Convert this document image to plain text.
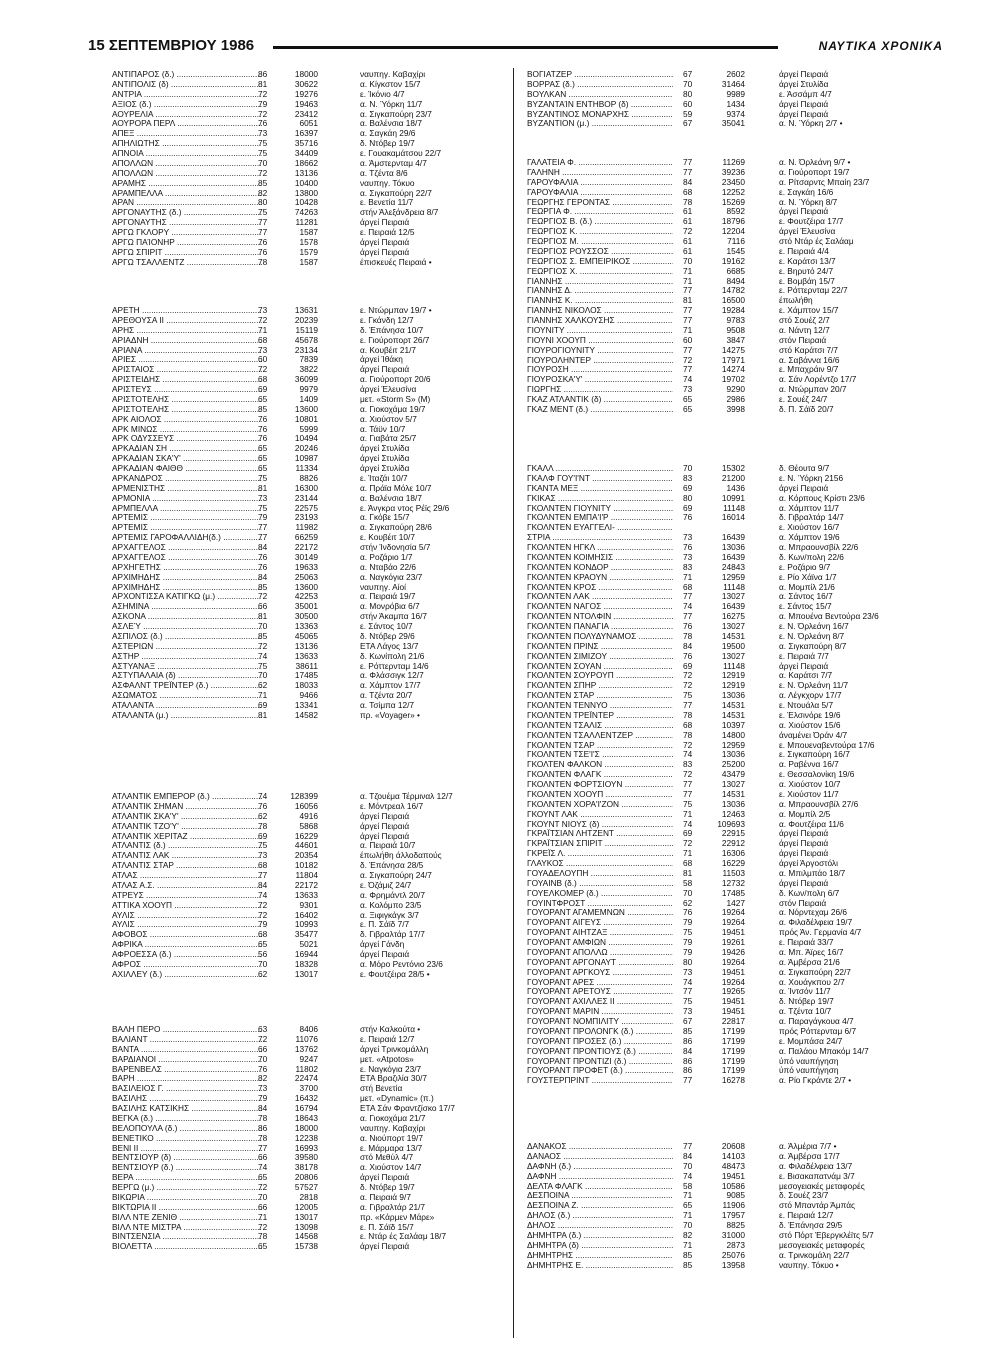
15 ΣΕΠΤΕΜΒΡΙΟΥ 1986	ΝΑΥΤΙΚΑ ΧΡΟΝΙΚΑ
ΑΝΤΙΠΑΡΟΣ (δ.) .....	86	18000	ναυπηγ. Καβαχίρι
ΑΝΤΙΠΟΛΙΣ (δ) .....	81	30622	α. Κίγκστον 15/7
ΑΝΤΡΙΑ .....	72	19276	ε. Ίκόνιο 4/7
ΑΞΙΟΣ (δ.) .....	79	19463	α. Ν. Ύόρκη 11/7
ΑΟΥΡΕΛΙΑ .....	72	23412	α. Σιγκαπούρη 23/7
ΑΟΥΡΟΡΑ ΠΕΡΛ .....	76	6051	α. Βαλένσια 18/7
ΑΠΕΞ .....	73	16397	α. Σαγκάη 29/6
ΑΠΗΛΙΩΤΗΣ .....	75	35716	δ. Ντόβερ 19/7
ΑΠΝΟΙΑ .....	75	34409	ε. Γουακαμάτσου 22/7
ΑΠΟΛΛΩΝ .....	70	18662	α. Άμστερνταμ 4/7
ΑΠΟΛΛΩΝ .....	72	13136	α. Τζέντα 8/6
ΑΡΑΜΗΣ .....	85	10400	ναυπηγ. Τόκυο
ΑΡΑΜΠΕΛΛΑ .....	82	13800	α. Σιγκαπούρη 22/7
ΑΡΑΝ .....	80	10428	ε. Βενετία 11/7
ΑΡΓΟΝΑΥΤΗΣ (δ.) .....	75	74263	στήν Άλεξάνδρεια 8/7
ΑΡΓΟΝΑΥΤΗΣ .....	77	11281	άργεί Πειραιά
ΑΡΓΩ ΓΚΛΟΡΥ .....	77	1587	ε. Πειραιά 12/5
ΑΡΓΩ ΠΑΊΟΝΗΡ .....	76	1578	άργεί Πειραιά
ΑΡΓΩ ΣΠΙΡΙΤ .....	76	1579	άργεί Πειραιά
ΑΡΓΩ ΤΣΑΛΛΕΝΤΖ .....	78	1587	έπισκευές Πειραιά •
ΑΡΕΤΗ .....	73	13631	ε. Ντώρμπαν 19/7 •
ΑΡΕΘΟΥΣΑ II .....	72	20239	ε. Γκάνδη 12/7
ΑΡΗΣ .....	71	15119	δ. Έπάνησα 10/7
ΑΡΙΑΔΝΗ .....	68	45678	ε. Γιούρoπορτ 26/7
ΑΡΙΑΝΑ .....	73	23134	α. Κουβέιτ 21/7
ΑΡΙΕΣ .....	60	7839	άργεί Ίθάκη
ΑΡΙΣΤΑΙΟΣ .....	72	3822	άργεί Πειραιά
ΑΡΙΣΤΕΙΔΗΣ .....	68	36099	α. Γιούρoπορτ 20/6
ΑΡΙΣΤΕΥΣ .....	69	9979	άργεί Έλευσίνα
ΑΡΙΣΤΟΤΕΛΗΣ .....	65	1409	μετ. «Storm S» (Μ)
ΑΡΙΣΤΟΤΕΛΗΣ .....	85	13600	α. Γιοκοχάμα 19/7
ΑΡΚ ΑΙΟΛΟΣ .....	76	10801	α. Χιούστον 5/7
ΑΡΚ ΜΙΝΩΣ .....	76	5999	α. Τάϋν 10/7
ΑΡΚ ΟΔΥΣΣΕΥΣ .....	76	10494	α. Γιαβάτα 25/7
ΑΡΚΑΔΙΑΝ ΣΗ .....	65	20246	άργεί Στυλίδα
ΑΡΚΑΔΙΑΝ ΣΚΑ'Υ' .....	65	10987	άργεί Στυλίδα
ΑΡΚΑΔΙΑΝ ΦΑΙΘΘ .....	65	11334	άργεί Στυλίδα
ΑΡΚΑΝΔΡΟΣ .....	75	8826	ε. Ίταζάι 10/7
ΑΡΜΕΝΙΣΤΗΣ .....	81	16300	α. Πράϊα Μόλε 10/7
ΑΡΜΟΝΙΑ .....	73	23144	α. Βαλένσια 18/7
ΑΡΜΠΕΛΛΑ .....	75	22575	ε. Άνγκρα ντος Ρέϊς 29/6
ΑΡΤΕΜΙΣ .....	79	23193	α. Γκόβε 15/7
ΑΡΤΕΜΙΣ .....	77	11982	α. Σιγκαπούρη 28/6
ΑΡΤΕΜΙΣ ΓΑΡΟΦΑΛΛΙΔΗ(δ.) .....	77	66259	ε. Κουβέιτ 10/7
ΑΡΧΑΓΓΕΛΟΣ .....	84	22172	στήν Ίνδονησία 5/7
ΑΡΧΑΓΓΕΛΟΣ .....	76	30149	α. Ροζάριο 1/7
ΑΡΧΗΓΕΤΗΣ .....	76	19633	α. Νταβάο 22/6
ΑΡΧΙΜΗΔΗΣ .....	84	25063	α. Ναγκόγια 23/7
ΑΡΧΙΜΗΔΗΣ .....	85	13600	ναυπηγ. Αίοί
ΑΡΧΟΝΤΙΣΣΑ ΚΑΤΙΓΚΩ (μ.) .....	72	42253	α. Πειραιά 19/7
ΑΣΗΜΙΝΑ .....	66	35001	α. Μονρόβια 6/7
ΑΣΚΟΝΑ .....	81	30500	στήν Άκαμπα 16/7
ΑΣΛΕΎ .....	70	13363	ε. Σάντος 10/7
ΑΣΠΙΛΟΣ (δ.) .....	85	45065	δ. Ντόβερ 29/6
ΑΣΤΕΡΙΩΝ .....	72	13136	ΕΤΑ Λάγος 13/7
ΑΣΤΗΡ .....	74	13633	δ. Κωνίπολη 21/6
ΑΣΤΥΑΝΑΞ .....	75	38611	ε. Ρόττερνταμ 14/6
ΑΣΤΥΠΑΛΑΙΑ (δ) .....	70	17485	α. Φλάσσιγκ 12/7
ΑΣΦΑΛΝΤ ΤΡΕΪΝΤΕΡ (δ.) .....	62	18033	α. Χάμπτον 17/7
ΑΣΩΜΑΤΟΣ .....	71	9466	α. Τζέντα 20/7
ΑΤΑΛΑΝΤΑ .....	69	13341	α. Τσίμπα 12/7
ΑΤΑΛΑΝΤΑ (μ.) .....	81	14582	πρ. «Voyager» •
ΑΤΛΑΝΤΙΚ ΕΜΠΕΡΟΡ (δ.) .....	74	128399	α. Τζουέμα Τέρμιναλ 12/7
ΑΤΛΑΝΤΙΚ ΣΗΜΑΝ .....	76	16056	ε. Μόντρεαλ 16/7
ΑΤΛΑΝΤΙΚ ΣΚΑ'Υ' .....	62	4916	άργεί Πειραιά
ΑΤΛΑΝΤΙΚ ΤΖΟ'Υ' .....	78	5868	άργεί Πειραιά
ΑΤΛΑΝΤΙΚ ΧΕΡΙΤΑΖ .....	69	16229	άργεί Πειραιά
ΑΤΛΑΝΤΙΣ (δ.) .....	75	44601	α. Πειραιά 10/7
ΑΤΛΑΝΤΙΣ ΛΑΚ .....	73	20354	έπωλήθη άλλοδαπούς
ΑΤΛΑΝΤΙΣ ΣΤΑΡ .....	68	10182	δ. Έπάνησα 28/5
ΑΤΛΑΣ .....	77	11804	α. Σιγκαπούρη 24/7
ΑΤΛΑΣ Α.Σ. .....	84	22172	ε. Όζάμιζ 24/7
ΑΤΡΕΥΣ .....	74	13633	α. Φρημάντλ 20/7
ΑΤΤΙΚΑ ΧΟΟΥΠ .....	72	9301	α. Κολόμπο 23/5
ΑΥΛΙΣ .....	72	16402	α. Ξιφιγκάγκ 3/7
ΑΥΛΙΣ .....	79	10993	ε. Π. Σάϊδ 7/7
ΑΦΟΒΟΣ .....	68	35477	δ. Γιβραλτάρ 17/7
ΑΦΡΙΚΑ .....	65	5021	άργεί Γάνδη
ΑΦΡΟΕΣΣΑ (δ.) .....	56	16944	άργεί Πειραιά
ΑΦΡΟΣ .....	70	18328	α. Μόρο Ρεντόνιο 23/6
ΑΧΙΛΛΕΥ (δ.) .....	62	13017	ε. Φουτζέιρα 28/5 •
ΒΑΛΗ ΠΕΡΟ .....	63	8406	στήν Καλκούτα •
ΒΑΛΙΑΝΤ .....	72	11076	ε. Πειραιά 12/7
ΒΑΝΤΑ .....	66	13762	άργεί Τρινκομάλλη
ΒΑΡΔΙΑΝΟΙ .....	70	9247	μετ. «Atpotos»
ΒΑΡΕΝΒΕΛΣ .....	76	11802	ε. Ναγκόγια 23/7
ΒΑΡΗ .....	82	22474	ΕΤΑ Βραζιλία 30/7
ΒΑΣΙΛΕΙΟΣ Γ. .....	73	3700	στή Βενετία
ΒΑΣΙΛΗΣ .....	79	16432	μετ. «Dynamic» (π.)
ΒΑΣΙΛΗΣ ΚΑΤΣΙΚΗΣ .....	84	16794	ΕΤΑ Σάν Φραντζίσκο 17/7
ΒΕΓΚΑ (δ.) .....	78	18643	α. Γιοκοχάμα 21/7
ΒΕΛΟΠΟΥΛΑ (δ.) .....	86	18000	ναυπηγ. Καβαχίρι
ΒΕΝΕΤΙΚΟ .....	78	12238	α. Νιούπορτ 19/7
ΒΕΝΙ II .....	77	16993	ε. Μάρμαρα 13/7
ΒΕΝΤΣΙΟΥΡ (δ) .....	66	39580	στό Μεθύλ 4/7
ΒΕΝΤΣΙΟΥΡ (δ.) .....	74	38178	α. Χιούστον 14/7
ΒΕΡΑ .....	65	20806	άργεί Πειραιά
ΒΕΡΓΩ (μ.) .....	72	57527	δ. Ντόβερ 19/7
ΒΙΚΩΡΙΑ .....	70	2818	α. Πειραιά 9/7
ΒΙΚΤΩΡΙΑ II .....	66	12005	α. Γιβραλτάρ 21/7
ΒΙΛΛ ΝΤΕ ΖΕΝΙΘ .....	71	13017	πρ. «Κάρμεν Μάρε»
ΒΙΛΛ ΝΤΕ ΜΙΣΤΡΑ .....	72	13098	ε. Π. Σάϊδ 15/7
ΒΙΝΤΣΕΝΣΙΑ .....	78	14568	ε. Ντάρ ές Σαλάαμ 18/7
ΒΙΟΛΕΤΤΑ .....	65	15738	άργεί Πειραιά
ΒΟΓΙΑΤΖΕΡ .....	67	2602	άργεί Πειραιά
ΒΟΡΡΑΣ (δ.) .....	70	31464	άργεί Στυλίδα
ΒΟΥΛΚΑΝ .....	80	9989	ε. Άσσάμπ 4/7
ΒΥΖΑΝΤΑΊΝ ΕΝΤΗΒΟΡ (δ) .....	60	1434	άργεί Πειραιά
ΒΥΖΑΝΤΙΝΟΣ ΜΟΝΑΡΧΗΣ .....	59	9374	άργεί Πειραιά
ΒΥΖΑΝΤΙΟΝ (μ.) .....	67	35041	α. Ν. Ύόρκη 2/7 •
ΓΑΛΑΤΕΙΑ Φ. .....	77	11269	α. Ν. Όρλεάνη 9/7 •
ΓΑΛΗΝΗ .....	77	39236	α. Γιούρoπορτ 19/7
ΓΑΡΟΥΦΑΛΙΑ .....	84	23450	α. Ρίτσαρντς Μπαίη 23/7
ΓΑΡΟΥΦΑΛΙΑ .....	68	12252	ε. Σαγκάη 16/6
ΓΕΩΡΓΗΣ ΓΕΡΟΝΤΑΣ .....	78	15269	α. Ν. Ύόρκη 8/7
ΓΕΩΡΓΙΑ Φ. .....	61	8592	άργεί Πειραιά
ΓΕΩΡΓΙΟΣ Β. (δ.) .....	61	18796	ε. Φουτζέιρα 17/7
ΓΕΩΡΓΙΟΣ Κ. .....	72	12204	άργεί Έλευσίνα
ΓΕΩΡΓΙΟΣ Μ. .....	61	7116	στό Ντάρ ές Σαλάαμ
ΓΕΩΡΓΙΟΣ ΡΟΥΣΣΟΣ .....	61	1545	ε. Πειραιά 4/4
ΓΕΩΡΓΙΟΣ Σ. ΕΜΠΕΙΡΙΚΟΣ .....	70	19162	ε. Καράτσι 13/7
ΓΕΩΡΓΙΟΣ Χ. .....	71	6685	ε. Βηρυτό 24/7
ΓΙΑΝΝΗΣ .....	71	8494	ε. Βομβάη 15/7
ΓΙΑΝΝΗΣ Δ. .....	77	14782	ε. Ρόττερνταμ 22/7
ΓΙΑΝΝΗΣ Κ. .....	81	16500	έπωλήθη
ΓΙΑΝΝΗΣ ΝΙΚΟΛΟΣ .....	77	19284	ε. Χάμπτον 15/7
ΓΙΑΝΝΗΣ ΧΑΛΚΟΥΣΗΣ .....	77	9783	στό Σουέζ 2/7
ΓΙΟΥΝΙΤΥ .....	71	9508	α. Νάντη 12/7
ΓΙΟΥΝΙ ΧΟΟΥΠ .....	60	3847	στόν Πειραιά
ΓΙΟΥΡΟΓΙΟΥΝΙΤΥ .....	77	14275	στό Καράτσι 7/7
ΓΙΟΥΡΟΛΗΝΤΕΡ .....	72	17971	α. Σαβάννα 16/6
ΓΙΟΥΡΟΣΗ .....	77	14274	ε. Μπαχράιν 9/7
ΓΙΟΥΡΟΣΚΑ'Υ' .....	74	19702	α. Σάν Λορέντζο 17/7
ΓΙΩΡΓΗΣ .....	73	9290	α. Ντώρμπαν 20/7
ΓΚΑΖ ΑΤΛΑΝΤΙΚ (δ) .....	65	2986	ε. Σουέζ 24/7
ΓΚΑΖ ΜΕΝΤ (δ.) .....	65	3998	δ. Π. Σάϊδ 20/7
ΓΚΑΛΛ .....	70	15302	δ. Θέουτα 9/7
ΓΚΑΛΦ ΓΟΥ'Ι'ΝΤ .....	83	21200	ε. Ν. Ύόρκη 2156
ΓΚΑΝΤΑ ΜΕΞ .....	69	1436	άργεί Πειραιά
ΓΚΙΚΑΣ .....	80	10991	α. Κόρπους Κρίστι 23/6
ΓΚΟΛΝΤΕΝ ΓΙΟΥΝΙΤΥ .....	69	11148	α. Χάμπτον 11/7
ΓΚΟΛΝΤΕΝ ΕΜΠΑ'Ι'Ρ .....	76	16014	δ. Γιβραλτάρ 14/7
ΓΚΟΛΝΤΕΝ ΕΥΑΓΓΕΛΙ- .....	ε. Χιούστον 16/7
ΣΤΡΙΑ .....	73	16439	α. Χάμπτον 19/6
ΓΚΟΛΝΤΕΝ ΗΓΚΛ .....	76	13036	α. Μπραουνσβίλ 22/6
ΓΚΟΛΝΤΕΝ ΚΟΙΜΗΣΙΣ .....	73	16439	δ. Κων/πολη 22/6
ΓΚΟΛΝΤΕΝ ΚΟΝΔΟΡ .....	83	24843	ε. Ροζάριο 9/7
ΓΚΟΛΝΤΕΝ ΚΡΑΟΥΝ .....	71	12959	ε. Ρίο Χάϊνα 1/7
ΓΚΟΛΝΤΕΝ ΚΡΟΣ .....	68	11148	α. Μομπίλ 21/6
ΓΚΟΛΝΤΕΝ ΛΑΚ .....	77	13027	α. Σάντος 16/7
ΓΚΟΛΝΤΕΝ ΝΑΓΟΣ .....	74	16439	ε. Σάντος 15/7
ΓΚΟΛΝΤΕΝ ΝΤΟΛΦΙΝ .....	77	16275	α. Μπουένα Βεντούρα 23/6
ΓΚΟΛΝΤΕΝ ΠΑΝΑΓΙΑ .....	76	13027	ε. Ν. Όρλεάνη 16/7
ΓΚΟΛΝΤΕΝ ΠΟΛΥΔΥΝΑΜΟΣ .....	78	14531	ε. Ν. Όρλεάνη 8/7
ΓΚΟΛΝΤΕΝ ΠΡΙΝΣ .....	84	19500	α. Σιγκαπούρη 8/7
ΓΚΟΛΝΤΕΝ ΣΙΜΙΖΟΥ .....	76	13027	ε. Πειραιά 7/7
ΓΚΟΛΝΤΕΝ ΣΟΥΑΝ .....	69	11148	άργεί Πειραιά
ΓΚΟΛΝΤΕΝ ΣΟΥΡΟΥΠ .....	72	12919	α. Καράτσι 7/7
ΓΚΟΛΝΤΕΝ ΣΠΗΡ .....	72	12919	ε. Ν. Όρλεάνη 11/7
ΓΚΟΛΝΤΕΝ ΣΤΑΡ .....	75	13036	α. Λέγκχορν 17/7
ΓΚΟΛΝΤΕΝ ΤΕΝΝΥΟ .....	77	14531	ε. Ντουάλα 5/7
ΓΚΟΛΝΤΕΝ ΤΡΕΪΝΤΕΡ .....	78	14531	ε. Έλσινόρε 19/6
ΓΚΟΛΝΤΕΝ ΤΣΑΛΙΣ .....	68	10397	α. Χιούστον 15/6
ΓΚΟΛΝΤΕΝ ΤΣΑΛΛΕΝΤΖΕΡ .....	78	14800	άναμένει Όράν 4/7
ΓΚΟΛΝΤΕΝ ΤΣΑΡ .....	72	12959	ε. Μπουεναβεντούρα 17/6
ΓΚΟΛΝΤΕΝ ΤΣΕ'Ι'Σ .....	74	13036	ε. Σιγκαπούρη 16/7
ΓΚΟΛΤΕΝ ΦΑΛΚΟΝ .....	83	25200	α. Ραβέννα 16/7
ΓΚΟΛΝΤΕΝ ΦΛΑΓΚ .....	72	43479	ε. Θεσσαλονίκη 19/6
ΓΚΟΛΝΤΕΝ ΦΟΡΤΣΙΟΥΝ .....	77	13027	α. Χιούστον 10/7
ΓΚΟΛΝΤΕΝ ΧΟΟΥΠ .....	77	14531	ε. Χιούστον 11/7
ΓΚΟΛΝΤΕΝ ΧΟΡΑ'Ι'ΖΟΝ .....	75	13036	α. Μπραουνσβίλ 27/6
ΓΚΟΥΝΤ ΛΑΚ .....	71	12463	α. Μομπίλ 2/5
ΓΚΟΥΝΤ ΝΙΟΥΣ (δ) .....	74	109693	α. Φουτζέιρα 11/6
ΓΚΡΑΪΤΣΙΑΝ ΛΗΤΖΕΝΤ .....	69	22915	άργεί Πειραιά
ΓΚΡΑΪΤΣΙΑΝ ΣΠΙΡΙΤ .....	72	22912	άργεί Πειραιά
ΓΚΡΕΪΣ Λ. .....	71	16306	άργεί Πειραιά
ΓΛΑΥΚΟΣ .....	68	16229	άργεί Άργοστόλι
ΓΟΥΑΔΕΛΟΥΠΗ .....	81	11503	α. Μπιλμπάο 18/7
ΓΟΥΑΙΝΒ (δ.) .....	58	12732	άργεί Πειραιά
ΓΟΥΕΛΚΟΜΕΡ (δ.) .....	70	17485	δ. Κων/πολη 6/7
ΓΟΥΙΝΤΦΡΟΣΤ .....	62	1427	στόν Πειραιά
ΓΟΥΟΡΑΝΤ ΑΓΑΜΕΜΝΩΝ .....	76	19264	α. Νόρντεχαμ 26/6
ΓΟΥΟΡΑΝΤ ΑΙΓΕΥΣ .....	79	19264	α. Φιλαδέλφεια 19/7
ΓΟΥΟΡΑΝΤ ΑΙΗΤΖΑΞ .....	75	19451	πρός Άν. Γερμανία 4/7
ΓΟΥΟΡΑΝΤ ΑΜΦΙΩΝ .....	79	19261	ε. Πειραιά 33/7
ΓΟΥΟΡΑΝΤ ΑΠΟΛΛΩ .....	79	19426	α. Μπ. Άϊρες 16/7
ΓΟΥΟΡΑΝΤ ΑΡΓΟΝΑΥΤ .....	80	19264	α. Άμβέρσα 21/6
ΓΟΥΟΡΑΝΤ ΑΡΓΚΟΥΣ .....	73	19451	α. Σιγκαπούρη 22/7
ΓΟΥΟΡΑΝΤ ΑΡΕΣ .....	74	19264	α. Χουάγκπου 2/7
ΓΟΥΟΡΑΝΤ ΑΡΕΤΟΥΣ .....	77	19265	α. Ίντσόν 11/7
ΓΟΥΟΡΑΝΤ ΑΧΙΛΛΕΣ II .....	75	19451	δ. Ντόβερ 19/7
ΓΟΥΟΡΑΝΤ ΜΑΡΙΝ .....	73	19451	α. Τζέντα 10/7
ΓΟΥΟΡΑΝΤ ΝΟΜΠΙΛΙΤΥ .....	67	22817	α. Παραγάγκουα 4/7
ΓΟΥΟΡΑΝΤ ΠΡΟΛΟΝΓΚ (δ.) .....	85	17199	πρός Ρόττερνταμ 6/7
ΓΟΥΟΡΑΝΤ ΠΡΟΣΕΣ (δ.) .....	86	17199	ε. Μομπάσα 24/7
ΓΟΥΟΡΑΝΤ ΠΡΟΝΤΙΟΥΣ (δ.) .....	84	17199	α. Παλάου Μπακόμ 14/7
ΓΟΥΟΡΑΝΤ ΠΡΟΝΤΙΖΙ (δ.) .....	86	17199	ύπό ναυπήγηση
ΓΟΥΟΡΑΝΤ ΠΡΟΦΕΤ (δ.) .....	86	17199	ύπό ναυπήγηση
ΓΟΥΣΤΕΡΠΡΙΝΤ .....	77	16278	α. Ρίο Γκράντε 2/7 •
ΔΑΝΑΚΟΣ .....	77	20608	α. Άλμέρια 7/7 •
ΔΑΝΑΟΣ .....	84	14103	α. Άμβέρσα 17/7
ΔΑΦΝΗ (δ.) .....	70	48473	α. Φιλαδέλφεια 13/7
ΔΑΦΝΗ .....	74	19451	ε. Βισακαπατνάμ 3/7
ΔΕΛΤΑ ΦΛΑΓΚ .....	58	10586	μεσογειακές μεταφορές
ΔΕΣΠΟΙΝΑ .....	71	9085	δ. Σουέζ 23/7
ΔΕΣΠΟΙΝΑ Ζ. .....	65	11906	στό Μπαντάρ Άμπάς
ΔΗΛΟΣ (δ.) .....	71	17957	ε. Πειραιά 12/7
ΔΗΛΟΣ .....	70	8825	δ. Έπάνησα 29/5
ΔΗΜΗΤΡΑ (δ.) .....	82	31000	στό Πόρτ Έβεργκλέϊτς 5/7
ΔΗΜΗΤΡΑ (δ) .....	71	2873	μεσογειακές μεταφορές
ΔΗΜΗΤΡΗΣ .....	85	25076	α. Τρινκομάλη 22/7
ΔΗΜΗΤΡΗΣ Ε. .....	85	13958	ναυπηγ. Τόκυο •
